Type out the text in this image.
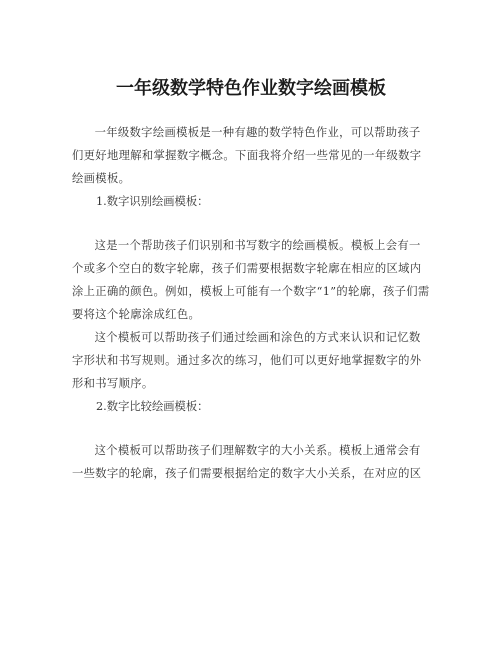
一年级数学特色作业数字绘画模板

一年级数字绘画模板是一种有趣的数学特色作业，可以帮助孩子们更好地理解和掌握数字概念。下面我将介绍一些常见的一年级数字绘画模板。

1.数字识别绘画模板：

这是一个帮助孩子们识别和书写数字的绘画模板。模板上会有一个或多个空白的数字轮廓，孩子们需要根据数字轮廓在相应的区域内涂上正确的颜色。例如，模板上可能有一个数字“1”的轮廓，孩子们需要将这个轮廓涂成红色。

这个模板可以帮助孩子们通过绘画和涂色的方式来认识和记忆数字形状和书写规则。通过多次的练习，他们可以更好地掌握数字的外形和书写顺序。

2.数字比较绘画模板：

这个模板可以帮助孩子们理解数字的大小关系。模板上通常会有一些数字的轮廓，孩子们需要根据给定的数字大小关系，在对应的区
